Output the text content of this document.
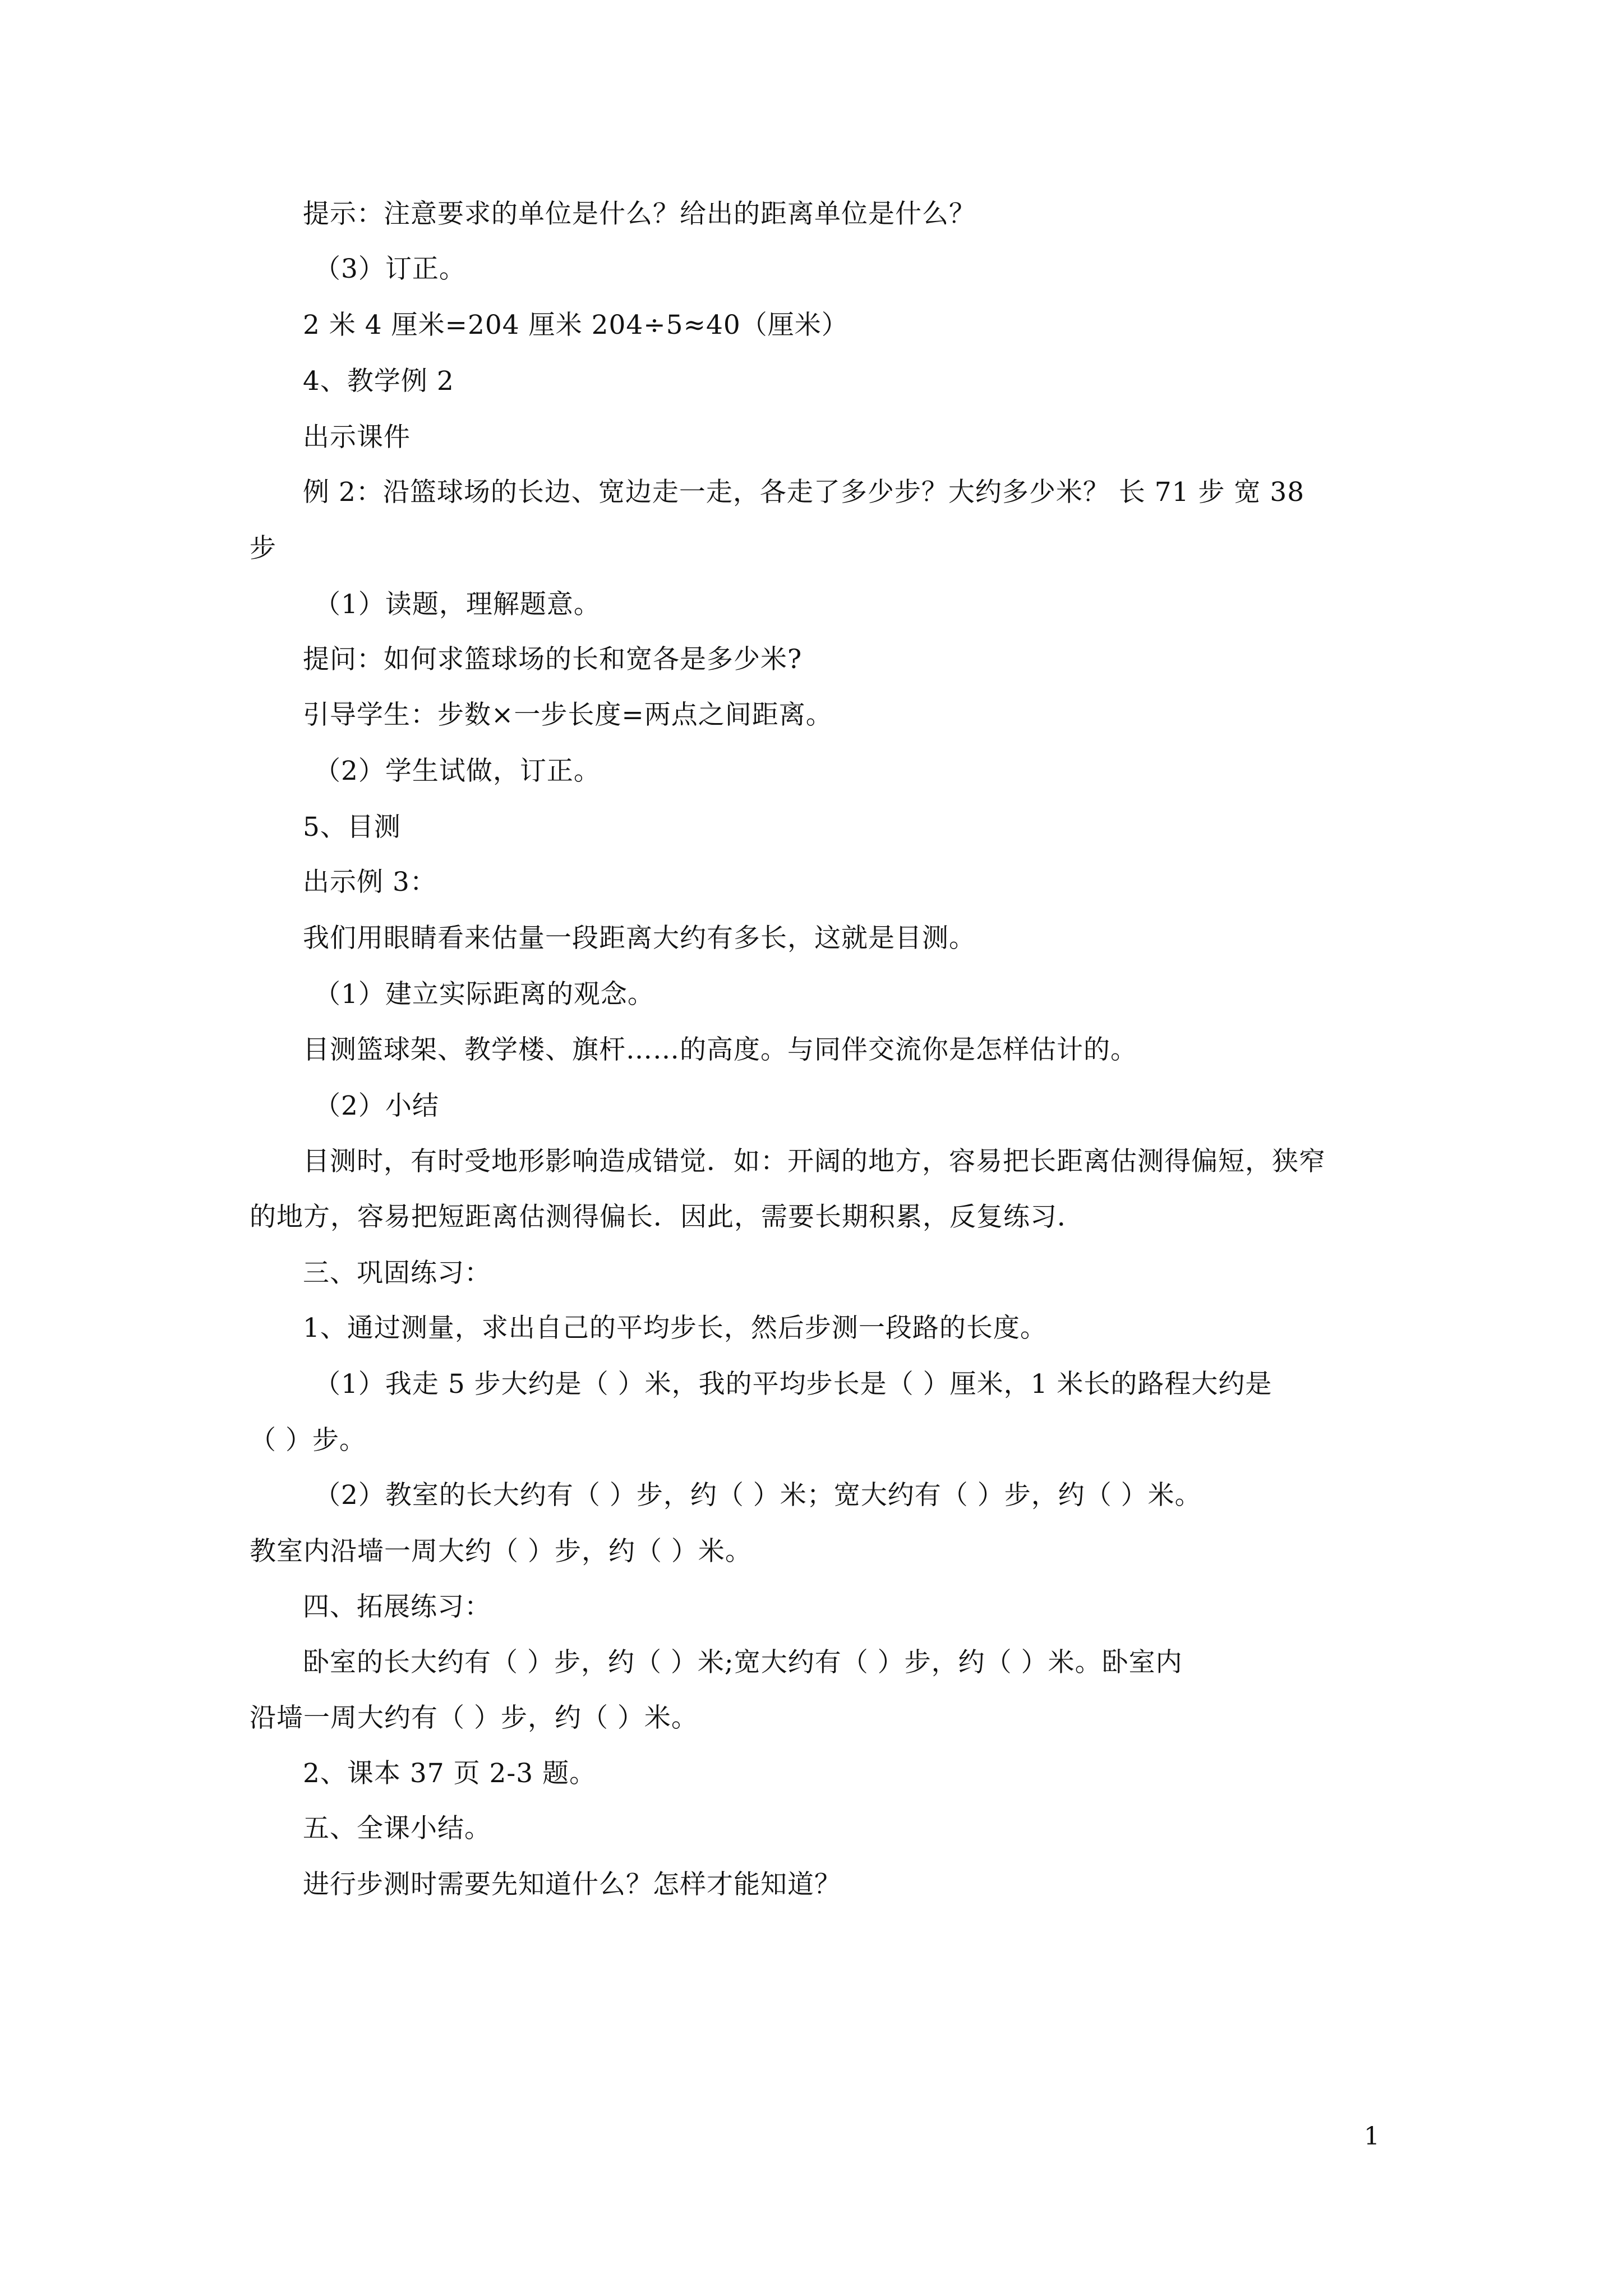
提示：注意要求的单位是什么？给出的距离单位是什么？
（3）订正。
2 米 4 厘米=204 厘米 204÷5≈40（厘米）
4、教学例 2
出示课件
例 2：沿篮球场的长边、宽边走一走，各走了多少步？大约多少米？ 长 71 步 宽 38
步
（1）读题，理解题意。
提问：如何求篮球场的长和宽各是多少米?
引导学生：步数×一步长度=两点之间距离。
（2）学生试做，订正。
5、目测
出示例 3：
我们用眼睛看来估量一段距离大约有多长，这就是目测。
（1）建立实际距离的观念。
目测篮球架、教学楼、旗杆……的高度。与同伴交流你是怎样估计的。
（2）小结
目测时，有时受地形影响造成错觉．如：开阔的地方，容易把长距离估测得偏短，狭窄
的地方，容易把短距离估测得偏长．因此，需要长期积累，反复练习．
三、巩固练习：
1、通过测量，求出自己的平均步长，然后步测一段路的长度。
（1）我走 5 步大约是（ ）米，我的平均步长是（ ）厘米，1 米长的路程大约是
（ ）步。
（2）教室的长大约有（ ）步，约（ ）米；宽大约有（ ）步，约（ ）米。
教室内沿墙一周大约（ ）步，约（ ）米。
四、拓展练习：
卧室的长大约有（ ）步，约（ ）米;宽大约有（ ）步，约（ ）米。卧室内
沿墙一周大约有（ ）步，约（ ）米。
2、课本 37 页 2-3 题。
五、全课小结。
进行步测时需要先知道什么？怎样才能知道？
1
